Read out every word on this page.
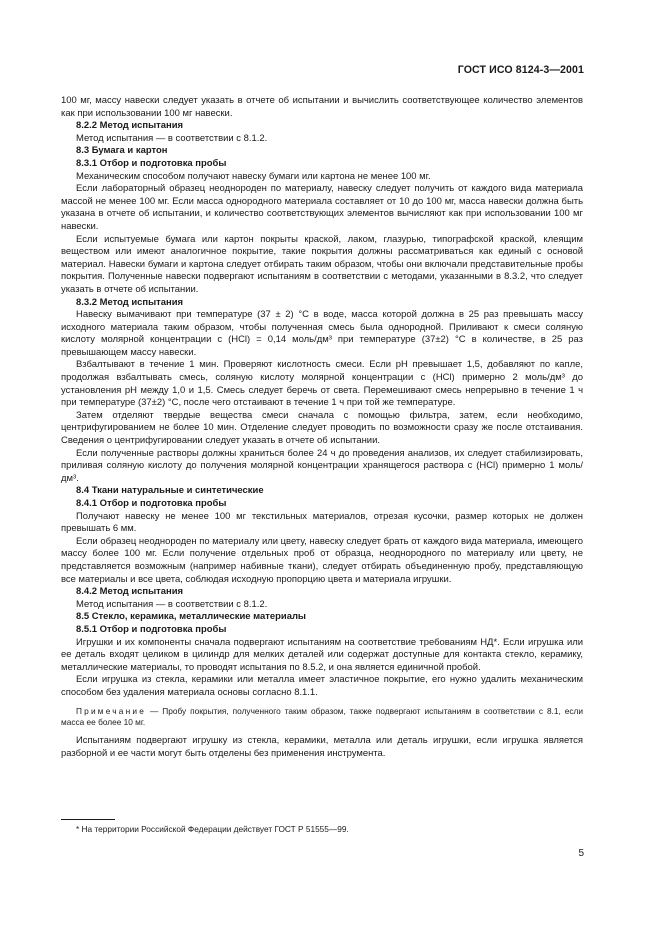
ГОСТ ИСО 8124-3—2001

100 мг, массу навески следует указать в отчете об испытании и вычислить соответствующее количество элементов как при использовании 100 мг навески.

8.2.2 Метод испытания

Метод испытания — в соответствии с 8.1.2.

8.3 Бумага и картон

8.3.1 Отбор и подготовка пробы

Механическим способом получают навеску бумаги или картона не менее 100 мг.

Если лабораторный образец неоднороден по материалу, навеску следует получить от каждого вида материала массой не менее 100 мг. Если масса однородного материала составляет от 10 до 100 мг, масса навески должна быть указана в отчете об испытании, и количество соответствующих элементов вычисляют как при использовании 100 мг навески.

Если испытуемые бумага или картон покрыты краской, лаком, глазурью, типографской краской, клеящим веществом или имеют аналогичное покрытие, такие покрытия должны рассматриваться как единый с основой материал. Навески бумаги и картона следует отбирать таким образом, чтобы они включали представительные пробы покрытия. Полученные навески подвергают испытаниям в соответствии с методами, указанными в 8.3.2, что следует указать в отчете об испытании.

8.3.2 Метод испытания

Навеску вымачивают при температуре (37 ± 2) °С в воде, масса которой должна в 25 раз превышать массу исходного материала таким образом, чтобы полученная смесь была однородной. Приливают к смеси соляную кислоту молярной концентрации c (HCl) = 0,14 моль/дм³ при температуре (37±2) °С в количестве, в 25 раз превышающем массу навески.

Взбалтывают в течение 1 мин. Проверяют кислотность смеси. Если pH превышает 1,5, добавляют по капле, продолжая взбалтывать смесь, соляную кислоту молярной концентрации c (HCl) примерно 2 моль/дм³ до установления pH между 1,0 и 1,5. Смесь следует беречь от света. Перемешивают смесь непрерывно в течение 1 ч при температуре (37±2) °С, после чего отстаивают в течение 1 ч при той же температуре.

Затем отделяют твердые вещества смеси сначала с помощью фильтра, затем, если необходимо, центрифугированием не более 10 мин. Отделение следует проводить по возможности сразу же после отстаивания. Сведения о центрифугировании следует указать в отчете об испытании.

Если полученные растворы должны храниться более 24 ч до проведения анализов, их следует стабилизировать, приливая соляную кислоту до получения молярной концентрации хранящегося раствора c (HCl) примерно 1 моль/дм³.

8.4 Ткани натуральные и синтетические

8.4.1 Отбор и подготовка пробы

Получают навеску не менее 100 мг текстильных материалов, отрезая кусочки, размер которых не должен превышать 6 мм.

Если образец неоднороден по материалу или цвету, навеску следует брать от каждого вида материала, имеющего массу более 100 мг. Если получение отдельных проб от образца, неоднородного по материалу или цвету, не представляется возможным (например набивные ткани), следует отбирать объединенную пробу, представляющую все материалы и все цвета, соблюдая исходную пропорцию цвета и материала игрушки.

8.4.2 Метод испытания

Метод испытания — в соответствии с 8.1.2.

8.5 Стекло, керамика, металлические материалы

8.5.1 Отбор и подготовка пробы

Игрушки и их компоненты сначала подвергают испытаниям на соответствие требованиям НД*. Если игрушка или ее деталь входят целиком в цилиндр для мелких деталей или содержат доступные для контакта стекло, керамику, металлические материалы, то проводят испытания по 8.5.2, и она является единичной пробой.

Если игрушка из стекла, керамики или металла имеет эластичное покрытие, его нужно удалить механическим способом без удаления материала основы согласно 8.1.1.

Примечание — Пробу покрытия, полученного таким образом, также подвергают испытаниям в соответствии с 8.1, если масса ее более 10 мг.

Испытаниям подвергают игрушку из стекла, керамики, металла или деталь игрушки, если игрушка является разборной и ее части могут быть отделены без применения инструмента.

* На территории Российской Федерации действует ГОСТ Р 51555—99.
5
